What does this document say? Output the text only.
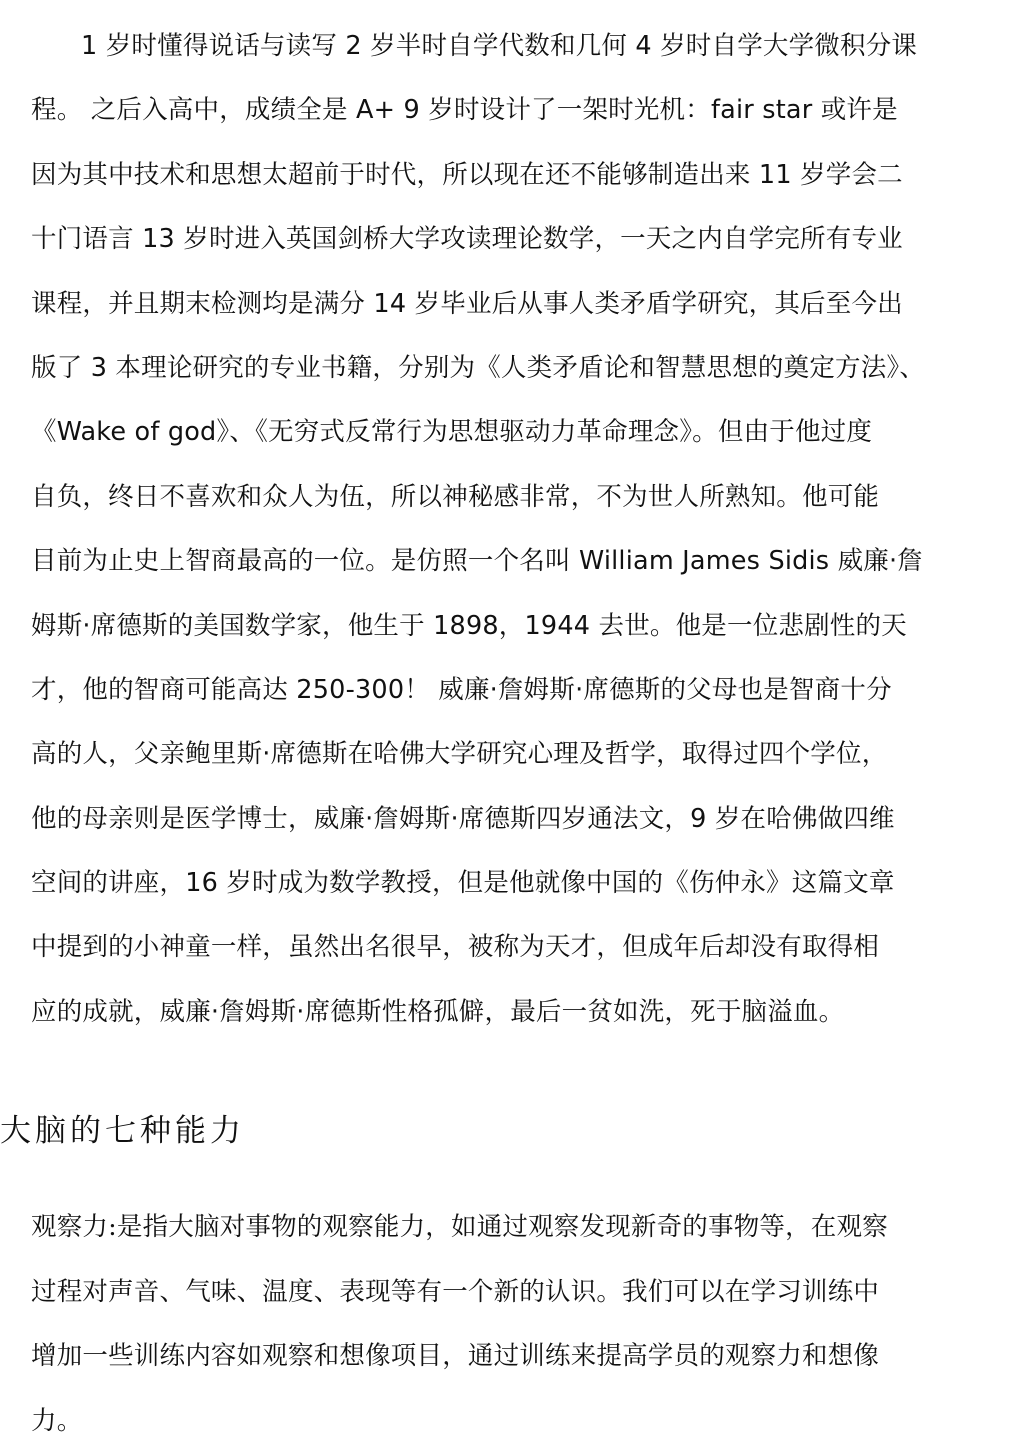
1 岁时懂得说话与读写 2 岁半时自学代数和几何 4 岁时自学大学微积分课
程。 之后入高中，成绩全是 A+ 9 岁时设计了一架时光机：fair star 或许是
因为其中技术和思想太超前于时代，所以现在还不能够制造出来 11 岁学会二
十门语言 13 岁时进入英国剑桥大学攻读理论数学，一天之内自学完所有专业
课程，并且期末检测均是满分 14 岁毕业后从事人类矛盾学研究，其后至今出
版了 3 本理论研究的专业书籍，分别为《人类矛盾论和智慧思想的奠定方法》、
《Wake of god》、《无穷式反常行为思想驱动力革命理念》。但由于他过度
自负，终日不喜欢和众人为伍，所以神秘感非常，不为世人所熟知。他可能
目前为止史上智商最高的一位。是仿照一个名叫 William James Sidis 威廉·詹
姆斯·席德斯的美国数学家，他生于 1898，1944 去世。他是一位悲剧性的天
才，他的智商可能高达 250-300！ 威廉·詹姆斯·席德斯的父母也是智商十分
高的人，父亲鲍里斯·席德斯在哈佛大学研究心理及哲学，取得过四个学位，
他的母亲则是医学博士，威廉·詹姆斯·席德斯四岁通法文，9 岁在哈佛做四维
空间的讲座，16 岁时成为数学教授，但是他就像中国的《伤仲永》这篇文章
中提到的小神童一样，虽然出名很早，被称为天才，但成年后却没有取得相
应的成就，威廉·詹姆斯·席德斯性格孤僻，最后一贫如洗，死于脑溢血。
大脑的七种能力
观察力:是指大脑对事物的观察能力，如通过观察发现新奇的事物等，在观察
过程对声音、气味、温度、表现等有一个新的认识。我们可以在学习训练中
增加一些训练内容如观察和想像项目，通过训练来提高学员的观察力和想像
力。
